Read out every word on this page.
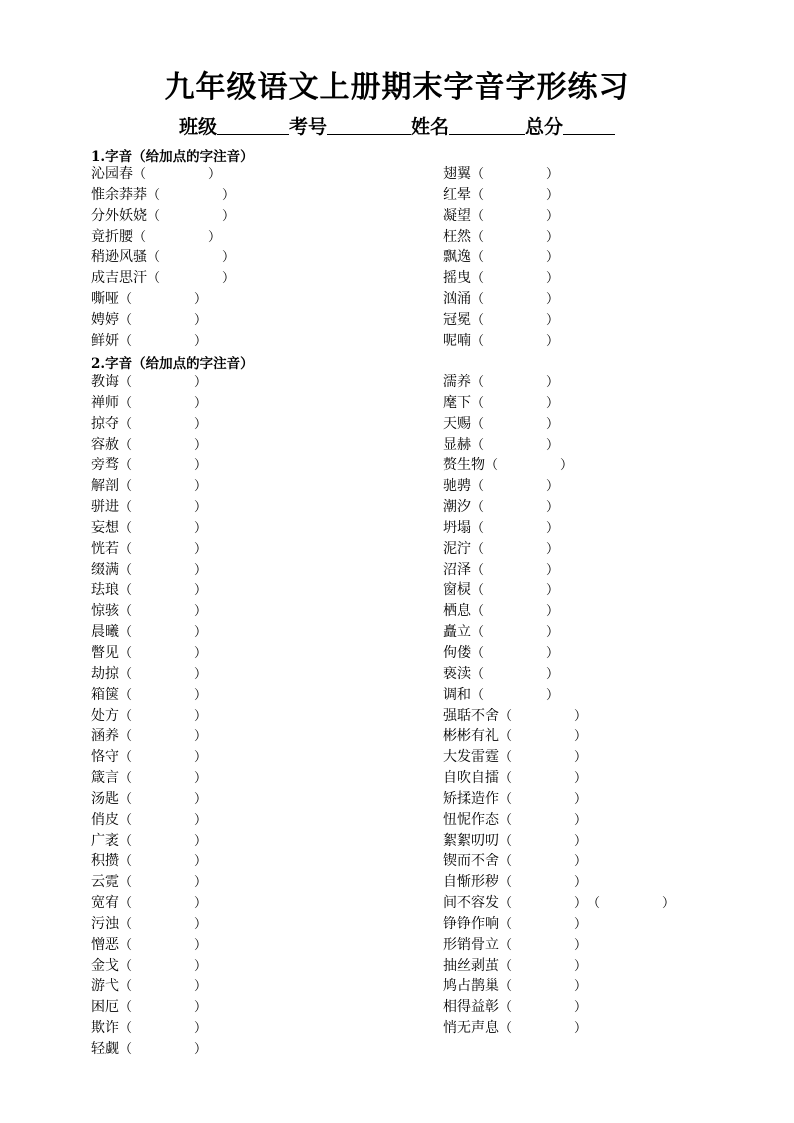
九年级语文上册期末字音字形练习
班级	考号	姓名	总分
1.字音（给加点的字注音）
沁园春（	）
惟余莽莽（	）
分外妖娆（	）
竟折腰（	）
稍逊风骚（	）
成吉思汗（	）
嘶哑（	）
娉婷（	）
鲜妍（	）
翅翼（	）
红晕（	）
凝望（	）
枉然（	）
飘逸（	）
摇曳（	）
汹涌（	）
冠冕（	）
呢喃（	）
2.字音（给加点的字注音）
教诲（	）
禅师（	）
掠夺（	）
容赦（	）
旁骛（	）
解剖（	）
骈进（	）
妄想（	）
恍若（	）
缀满（	）
珐琅（	）
惊骇（	）
晨曦（	）
瞥见（	）
劫掠（	）
箱箧（	）
处方（	）
涵养（	）
恪守（	）
箴言（	）
汤匙（	）
俏皮（	）
广袤（	）
积攒（	）
云霓（	）
宽宥（	）
污浊（	）
憎恶（	）
金戈（	）
游弋（	）
困厄（	）
欺诈（	）
轻觑（	）
濡养（	）
麾下（	）
天赐（	）
显赫（	）
赘生物（	）
驰骋（	）
潮汐（	）
坍塌（	）
泥泞（	）
沼泽（	）
窗棂（	）
栖息（	）
矗立（	）
佝偻（	）
亵渎（	）
调和（	）
强聒不舍（	）
彬彬有礼（	）
大发雷霆（	）
自吹自擂（	）
矫揉造作（	）
忸怩作态（	）
絮絮叨叨（	）
锲而不舍（	）
自惭形秽（	）
间不容发（	）（	）
铮铮作响（	）
形销骨立（	）
抽丝剥茧（	）
鸠占鹊巢（	）
相得益彰（	）
悄无声息（	）
